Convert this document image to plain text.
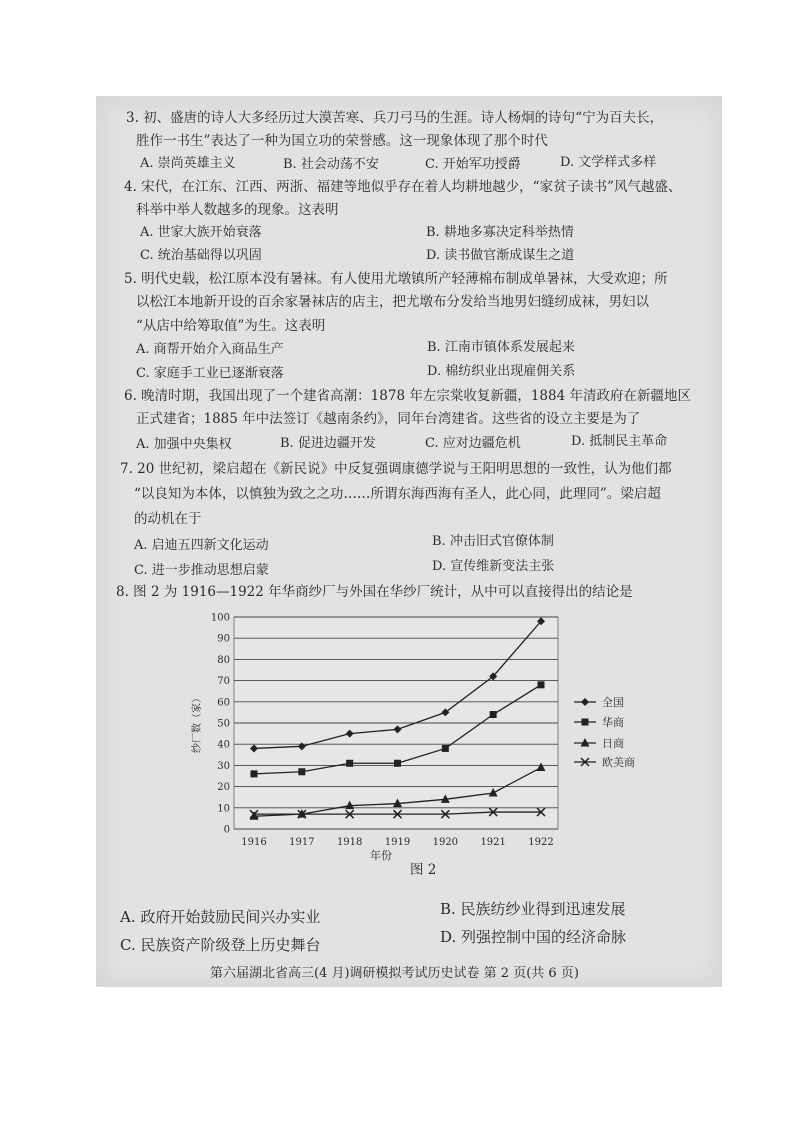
3. 初、盛唐的诗人大多经历过大漠苦寒、兵刀弓马的生涯。诗人杨炯的诗句“宁为百夫长，
胜作一书生”表达了一种为国立功的荣誉感。这一现象体现了那个时代
A. 崇尚英雄主义	B. 社会动荡不安	C. 开始军功授爵	D. 文学样式多样
4. 宋代，在江东、江西、两浙、福建等地似乎存在着人均耕地越少，“家贫子读书”风气越盛、
科举中举人数越多的现象。这表明
A. 世家大族开始衰落	B. 耕地多寡决定科举热情
C. 统治基础得以巩固	D. 读书做官渐成谋生之道
5. 明代史载，松江原本没有暑袜。有人使用尤墩镇所产轻薄棉布制成单暑袜，大受欢迎；所
以松江本地新开设的百余家暑袜店的店主，把尤墩布分发给当地男妇缝纫成袜，男妇以
“从店中给筹取值”为生。这表明
A. 商帮开始介入商品生产	B. 江南市镇体系发展起来
C. 家庭手工业已逐渐衰落	D. 棉纺织业出现雇佣关系
6. 晚清时期，我国出现了一个建省高潮：1878 年左宗棠收复新疆，1884 年清政府在新疆地区
正式建省；1885 年中法签订《越南条约》，同年台湾建省。这些省的设立主要是为了
A. 加强中央集权	B. 促进边疆开发	C. 应对边疆危机	D. 抵制民主革命
7. 20 世纪初，梁启超在《新民说》中反复强调康德学说与王阳明思想的一致性，认为他们都
“以良知为本体，以慎独为致之之功……所谓东海西海有圣人，此心同，此理同”。梁启超
的动机在于
A. 启迪五四新文化运动	B. 冲击旧式官僚体制
C. 进一步推动思想启蒙	D. 宣传维新变法主张
8. 图 2 为 1916—1922 年华商纱厂与外国在华纱厂统计，从中可以直接得出的结论是
0
10
20
30
40
50
60
70
80
90
100
1916 1917 1918 1919 1920 1921 1922
年份
纱厂数（家）	全国
华商
日商
欧美商
图 2
A. 政府开始鼓励民间兴办实业	B. 民族纺纱业得到迅速发展
C. 民族资产阶级登上历史舞台	D. 列强控制中国的经济命脉
第六届湖北省高三(4 月)调研模拟考试历史试卷 第 2 页(共 6 页)
